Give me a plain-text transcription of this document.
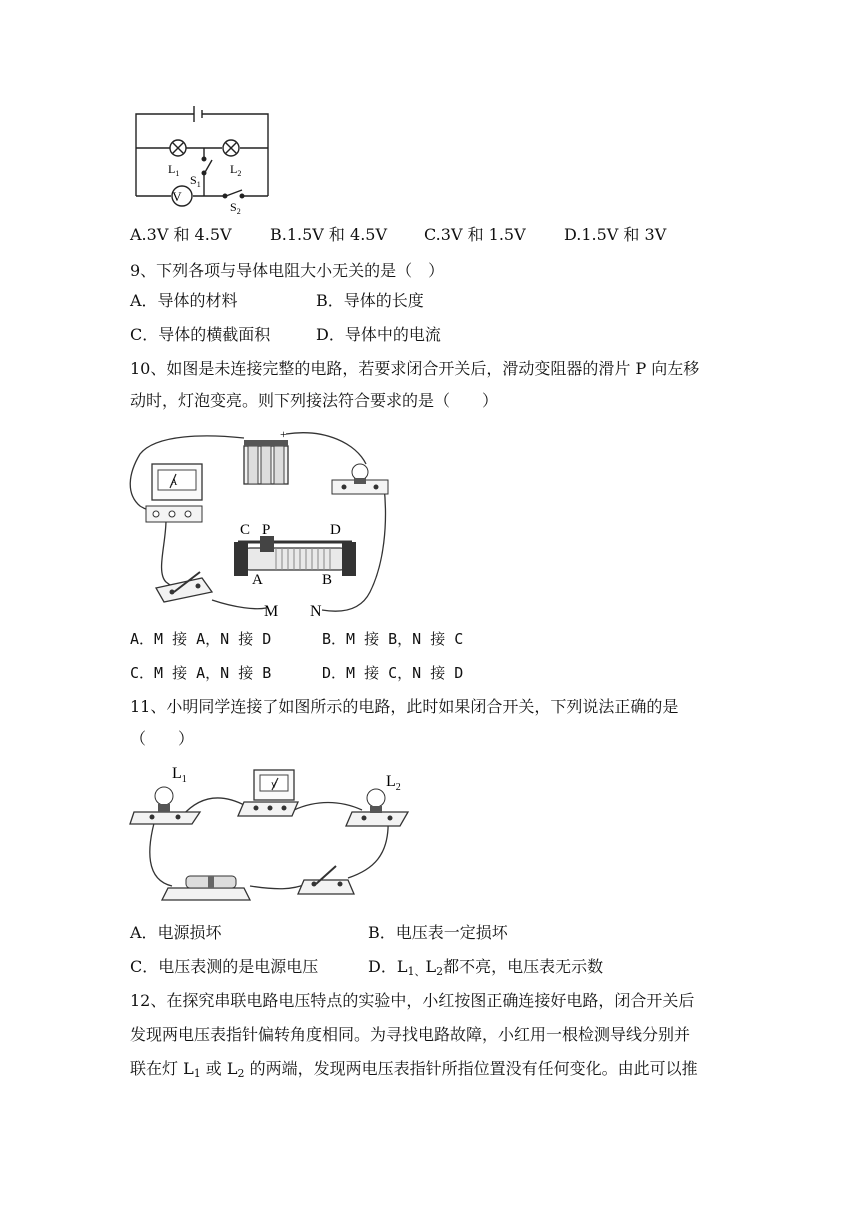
V
$L_1$	$L_2$
$S_1$
$S_2$
A.3V 和 4.5V B.1.5V 和 4.5V C.3V 和 1.5V D.1.5V 和 3V
9、下列各项与导体电阻大小无关的是（　）
A．导体的材料	B．导体的长度
C．导体的横截面积	D．导体中的电流
10、如图是未连接完整的电路，若要求闭合开关后，滑动变阻器的滑片 P 向左移
动时，灯泡变亮。则下列接法符合要求的是（　　）
+
A
C P	D
A	B
M N
A．M 接 A，N 接 D	B．M 接 B，N 接 C
C．M 接 A，N 接 B	D．M 接 C，N 接 D
11、小明同学连接了如图所示的电路，此时如果闭合开关，下列说法正确的是
（　　）
$L_1$
V	$L_2$
A．电源损坏	B．电压表一定损坏
C．电压表测的是电源电压	D．$L_{1、}L_2$都不亮，电压表无示数
12、在探究串联电路电压特点的实验中，小红按图正确连接好电路，闭合开关后
发现两电压表指针偏转角度相同。为寻找电路故障，小红用一根检测导线分别并
联在灯 $L_1$ 或 $L_2$ 的两端，发现两电压表指针所指位置没有任何变化。由此可以推
